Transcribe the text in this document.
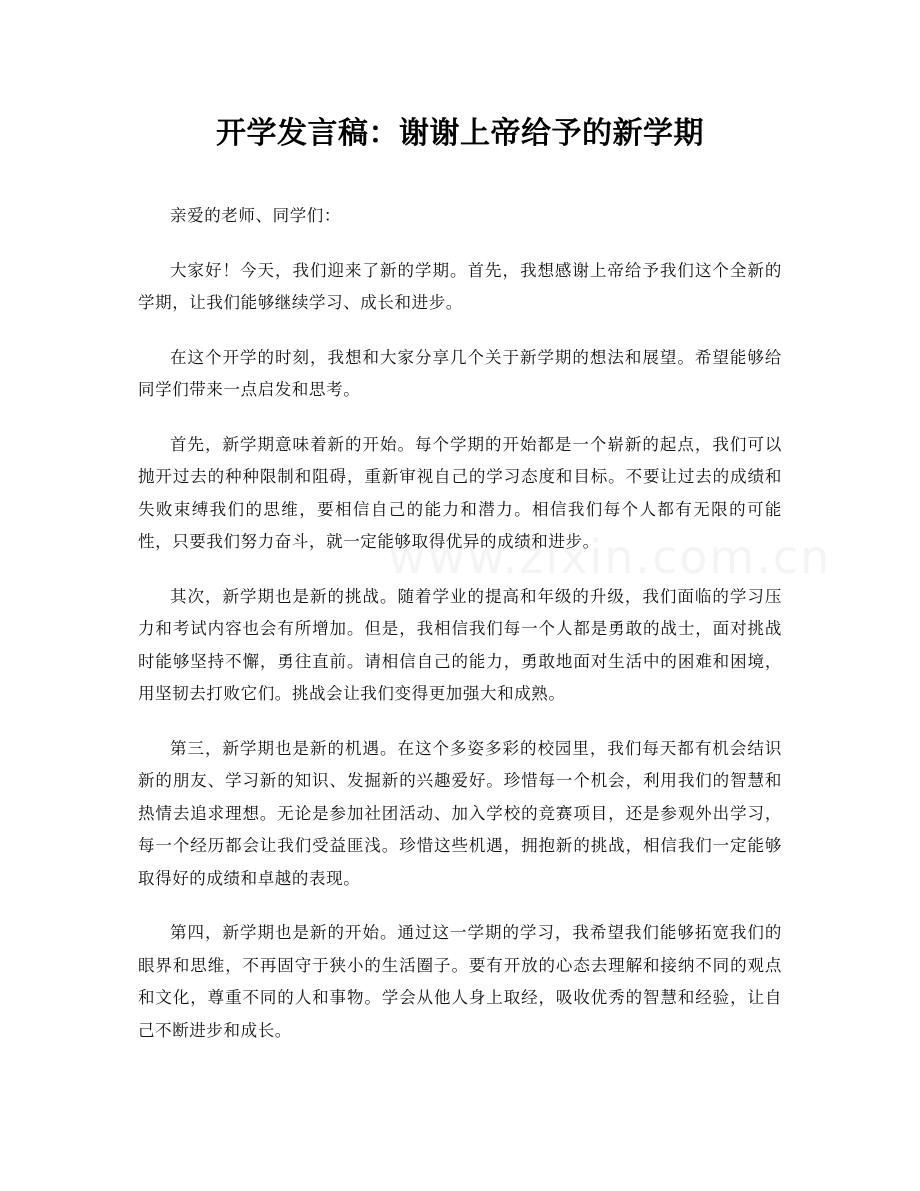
开学发言稿：谢谢上帝给予的新学期

亲爱的老师、同学们：

大家好！今天，我们迎来了新的学期。首先，我想感谢上帝给予我们这个全新的学期，让我们能够继续学习、成长和进步。

在这个开学的时刻，我想和大家分享几个关于新学期的想法和展望。希望能够给同学们带来一点启发和思考。

首先，新学期意味着新的开始。每个学期的开始都是一个崭新的起点，我们可以抛开过去的种种限制和阻碍，重新审视自己的学习态度和目标。不要让过去的成绩和失败束缚我们的思维，要相信自己的能力和潜力。相信我们每个人都有无限的可能性，只要我们努力奋斗，就一定能够取得优异的成绩和进步。

其次，新学期也是新的挑战。随着学业的提高和年级的升级，我们面临的学习压力和考试内容也会有所增加。但是，我相信我们每一个人都是勇敢的战士，面对挑战时能够坚持不懈，勇往直前。请相信自己的能力，勇敢地面对生活中的困难和困境，用坚韧去打败它们。挑战会让我们变得更加强大和成熟。

第三，新学期也是新的机遇。在这个多姿多彩的校园里，我们每天都有机会结识新的朋友、学习新的知识、发掘新的兴趣爱好。珍惜每一个机会，利用我们的智慧和热情去追求理想。无论是参加社团活动、加入学校的竞赛项目，还是参观外出学习，每一个经历都会让我们受益匪浅。珍惜这些机遇，拥抱新的挑战，相信我们一定能够取得好的成绩和卓越的表现。

第四，新学期也是新的开始。通过这一学期的学习，我希望我们能够拓宽我们的眼界和思维，不再固守于狭小的生活圈子。要有开放的心态去理解和接纳不同的观点和文化，尊重不同的人和事物。学会从他人身上取经，吸收优秀的智慧和经验，让自己不断进步和成长。
